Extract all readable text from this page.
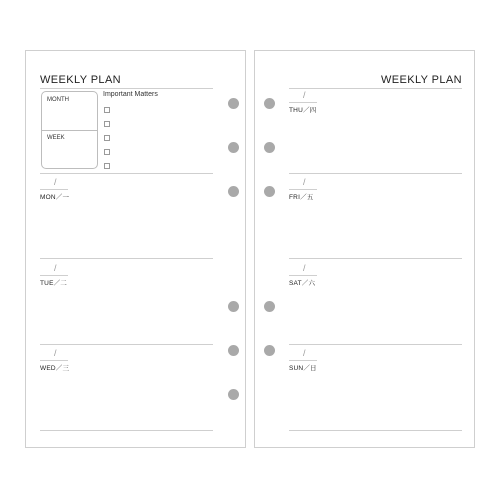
WEEKLY PLAN
MONTH
WEEK
Important Matters
/
MON／一
/
TUE／二
/
WED／三
WEEKLY PLAN
/
THU／四
/
FRI／五
/
SAT／六
/
SUN／日
